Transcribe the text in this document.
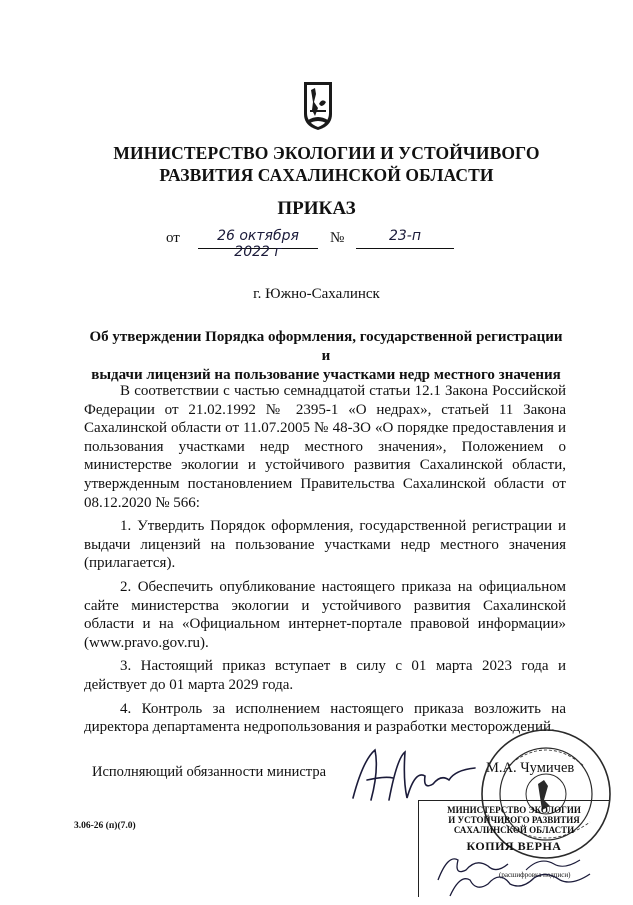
МИНИСТЕРСТВО ЭКОЛОГИИ И УСТОЙЧИВОГО
РАЗВИТИЯ САХАЛИНСКОЙ ОБЛАСТИ
ПРИКАЗ
от	26 октября 2022 г
№	23-п
г. Южно-Сахалинск
Об утверждении Порядка оформления, государственной регистрации и
выдачи лицензий на пользование участками недр местного значения

В соответствии с частью семнадцатой статьи 12.1 Закона Российской Федерации от 21.02.1992 № 2395-1 «О недрах», статьей 11 Закона Сахалинской области от 11.07.2005 № 48-ЗО «О порядке предоставления и пользования участками недр местного значения», Положением о министерстве экологии и устойчивого развития Сахалинской области, утвержденным постановлением Правительства Сахалинской области от 08.12.2020 № 566:

1. Утвердить Порядок оформления, государственной регистрации и выдачи лицензий на пользование участками недр местного значения (прилагается).

2. Обеспечить опубликование настоящего приказа на официальном сайте министерства экологии и устойчивого развития Сахалинской области и на «Официальном интернет-портале правовой информации» (www.pravo.gov.ru).

3. Настоящий приказ вступает в силу с 01 марта 2023 года и действует до 01 марта 2029 года.

4. Контроль за исполнением настоящего приказа возложить на директора департамента недропользования и разработки месторождений.

Исполняющий обязанности министра	М.А. Чумичев
МИНИСТЕРСТВО ЭКОЛОГИИ
И УСТОЙЧИВОГО РАЗВИТИЯ
САХАЛИНСКОЙ ОБЛАСТИ
КОПИЯ ВЕРНА
(расшифровка подписи)
3.06-26 (п)(7.0)
